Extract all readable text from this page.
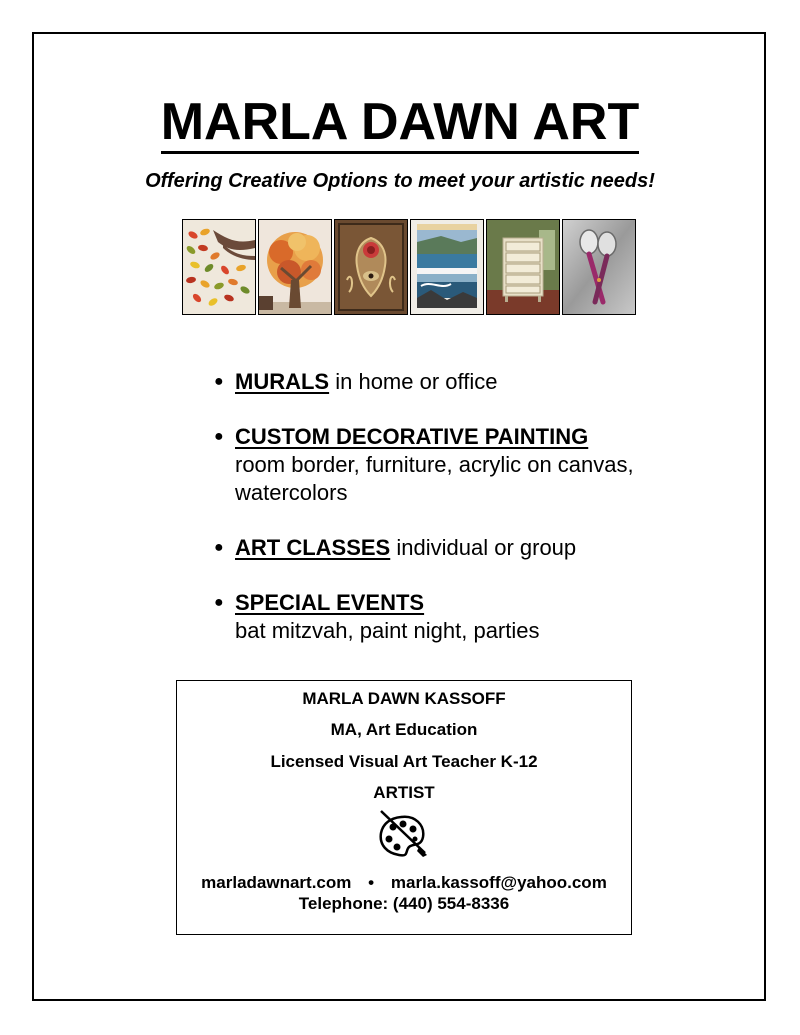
MARLA DAWN ART
Offering Creative Options to meet your artistic needs!
● MURALS in home or office
● CUSTOM DECORATIVE PAINTING
room border, furniture, acrylic on canvas, watercolors
● ART CLASSES individual or group
● SPECIAL EVENTS
bat mitzvah, paint night, parties
MARLA DAWN KASSOFF
MA, Art Education
Licensed Visual Art Teacher K-12
ARTIST
marladawnart.com • marla.kassoff@yahoo.com
Telephone: (440) 554-8336
